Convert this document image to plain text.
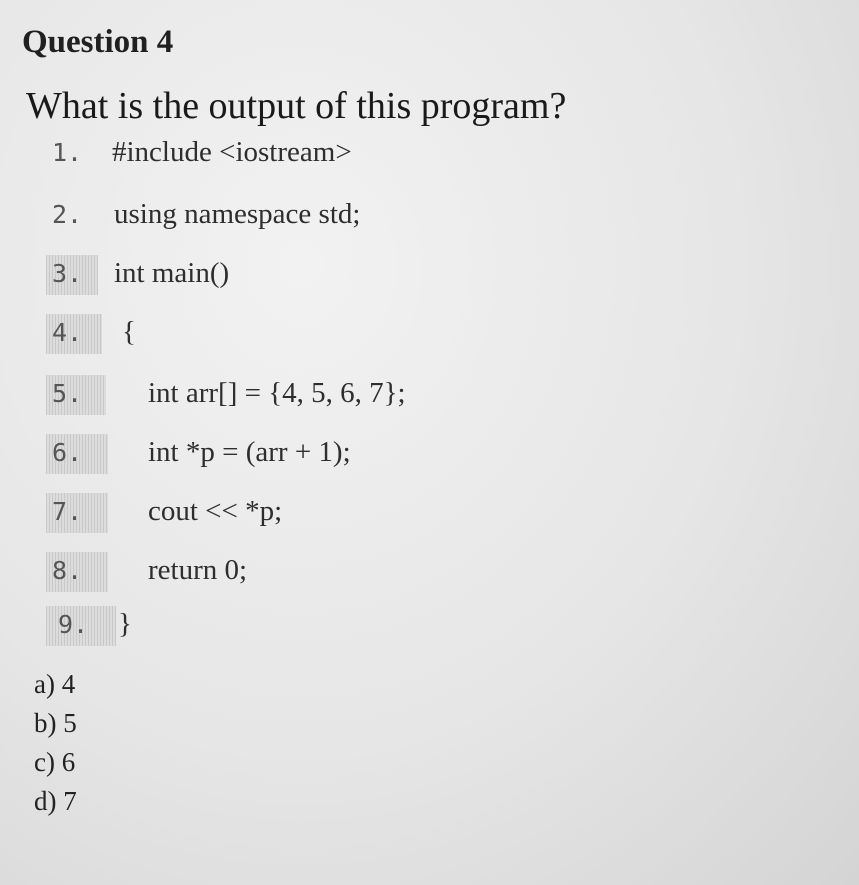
Question 4

What is the output of this program?

1. #include <iostream>
2. using namespace std;
3. int main()
4. {
5. int arr[] = {4, 5, 6, 7};
6. int *p = (arr + 1);
7. cout << *p;
8. return 0;
9. }
a) 4
b) 5
c) 6
d) 7
